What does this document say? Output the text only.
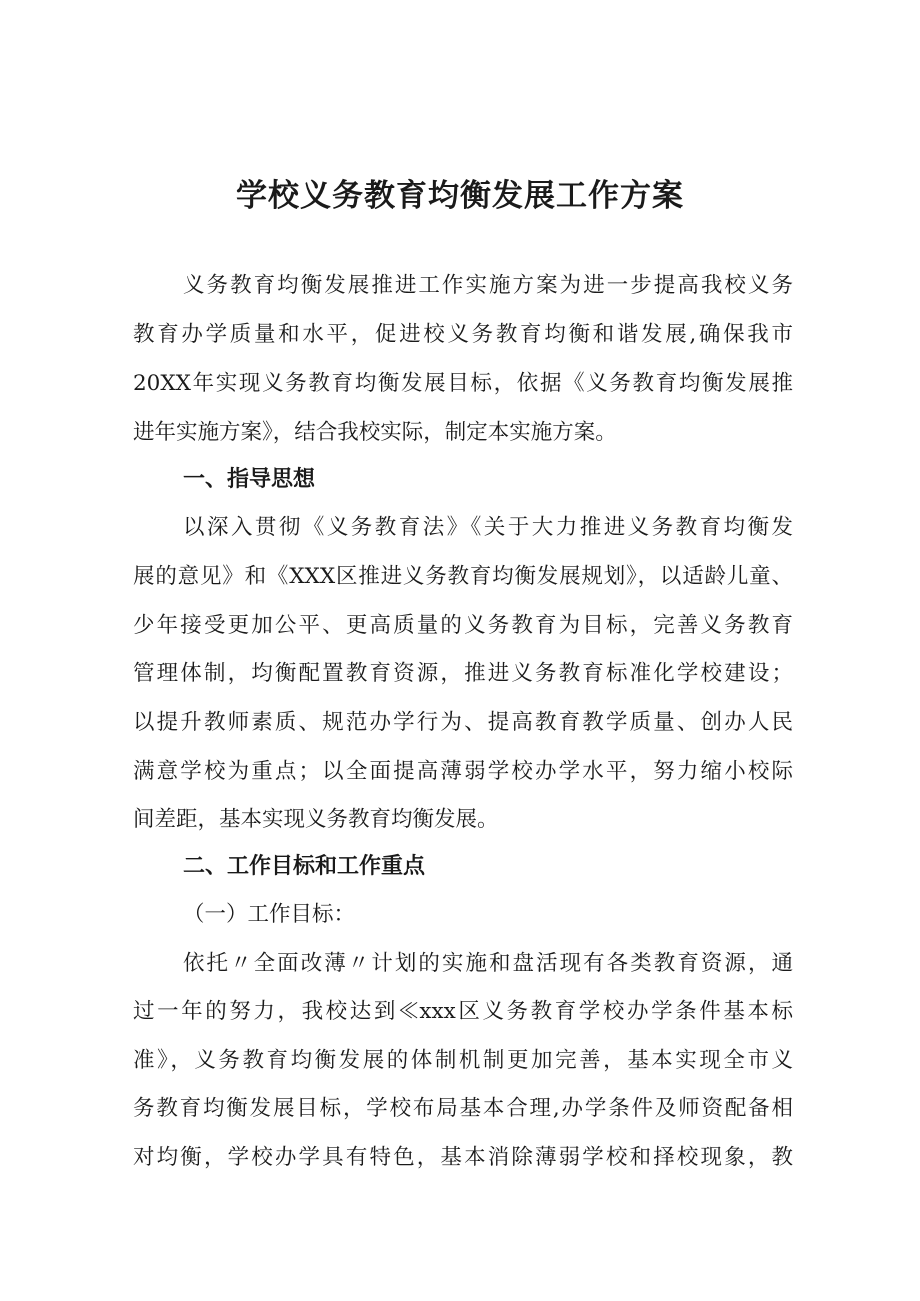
学校义务教育均衡发展工作方案
义务教育均衡发展推进工作实施方案为进一步提高我校义务
教育办学质量和水平，促进校义务教育均衡和谐发展,确保我市
20XX年实现义务教育均衡发展目标，依据《义务教育均衡发展推
进年实施方案》，结合我校实际，制定本实施方案。
一、指导思想
以深入贯彻《义务教育法》《关于大力推进义务教育均衡发
展的意见》和《XXX区推进义务教育均衡发展规划》，以适龄儿童、
少年接受更加公平、更高质量的义务教育为目标，完善义务教育
管理体制，均衡配置教育资源，推进义务教育标准化学校建设；
以提升教师素质、规范办学行为、提高教育教学质量、创办人民
满意学校为重点；以全面提高薄弱学校办学水平，努力缩小校际
间差距，基本实现义务教育均衡发展。
二、工作目标和工作重点
（一）工作目标：
依托〃全面改薄〃计划的实施和盘活现有各类教育资源，通
过一年的努力，我校达到≪xxx区义务教育学校办学条件基本标
准》，义务教育均衡发展的体制机制更加完善，基本实现全市义
务教育均衡发展目标，学校布局基本合理,办学条件及师资配备相
对均衡，学校办学具有特色，基本消除薄弱学校和择校现象，教
